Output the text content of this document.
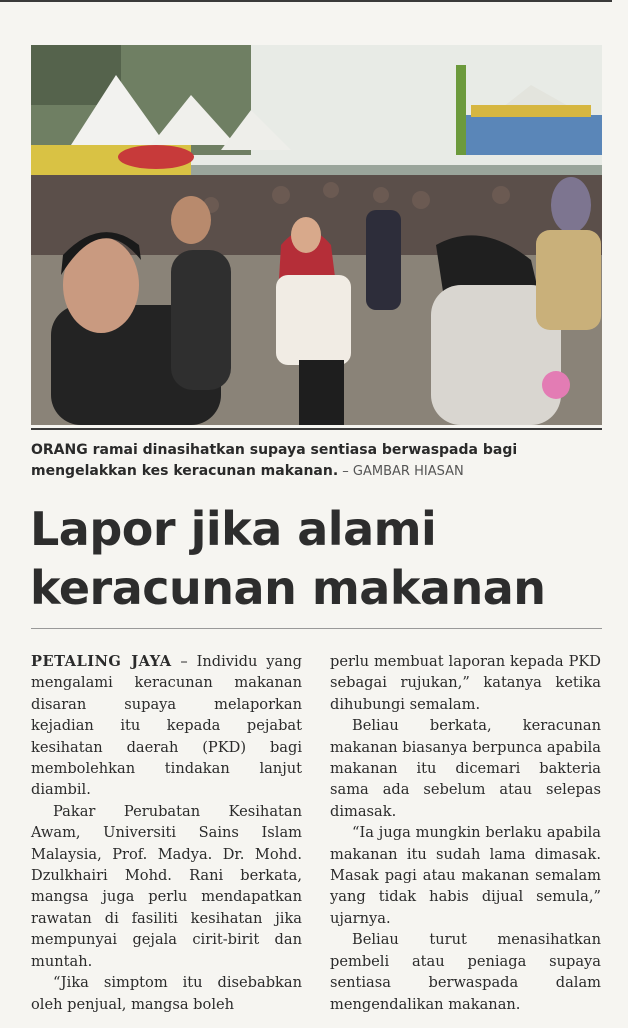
ORANG ramai dinasihatkan supaya sentiasa berwaspada bagi mengelakkan kes keracunan makanan. – GAMBAR HIASAN
Lapor jika alami
keracunan makanan

PETALING JAYA – Individu yang mengalami keracunan makanan disaran supaya melaporkan kejadian itu kepada pejabat kesihatan daerah (PKD) bagi membolehkan tindakan lanjut diambil.

Pakar Perubatan Kesihatan Awam, Universiti Sains Islam Malaysia, Prof. Madya. Dr. Mohd. Dzulkhairi Mohd. Rani berkata, mangsa juga perlu mendapatkan rawatan di fasiliti kesihatan jika mempunyai gejala cirit-birit dan muntah.

“Jika simptom itu disebabkan oleh penjual, mangsa boleh

perlu membuat laporan kepada PKD sebagai rujukan,” katanya ketika dihubungi semalam.

Beliau berkata, keracunan makanan biasanya berpunca apabila makanan itu dicemari bakteria sama ada sebelum atau selepas dimasak.

“Ia juga mungkin berlaku apabila makanan itu sudah lama dimasak. Masak pagi atau makanan semalam yang tidak habis dijual semula,” ujarnya.

Beliau turut menasihatkan pembeli atau peniaga supaya sentiasa berwaspada dalam mengendalikan makanan.
